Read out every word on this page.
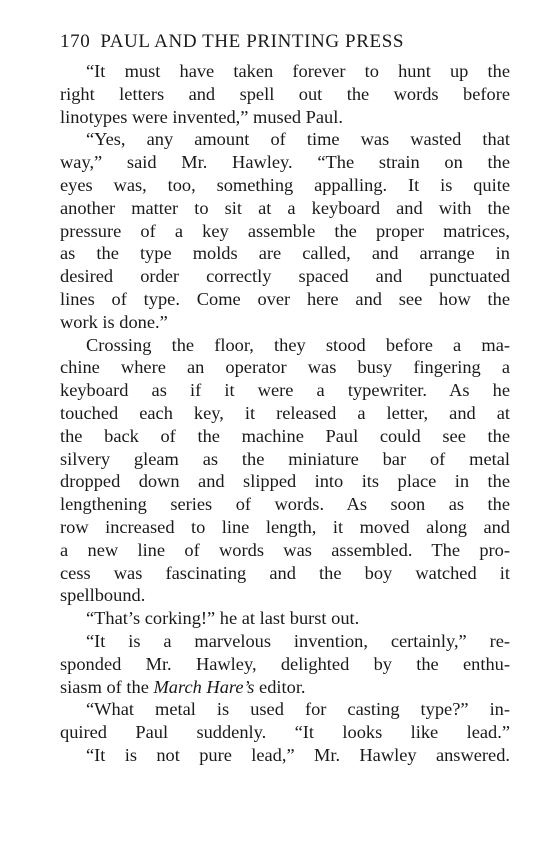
170 PAUL AND THE PRINTING PRESS
“It must have taken forever to hunt up the
right letters and spell out the words before
linotypes were invented,” mused Paul.
“Yes, any amount of time was wasted that
way,” said Mr. Hawley. “The strain on the
eyes was, too, something appalling. It is quite
another matter to sit at a keyboard and with the
pressure of a key assemble the proper matrices,
as the type molds are called, and arrange in
desired order correctly spaced and punctuated
lines of type. Come over here and see how the
work is done.”
Crossing the floor, they stood before a ma-
chine where an operator was busy fingering a
keyboard as if it were a typewriter. As he
touched each key, it released a letter, and at
the back of the machine Paul could see the
silvery gleam as the miniature bar of metal
dropped down and slipped into its place in the
lengthening series of words. As soon as the
row increased to line length, it moved along and
a new line of words was assembled. The pro-
cess was fascinating and the boy watched it
spellbound.
“That’s corking!” he at last burst out.
“It is a marvelous invention, certainly,” re-
sponded Mr. Hawley, delighted by the enthu-
siasm of the March Hare’s editor.
“What metal is used for casting type?” in-
quired Paul suddenly. “It looks like lead.”
“It is not pure lead,” Mr. Hawley answered.
